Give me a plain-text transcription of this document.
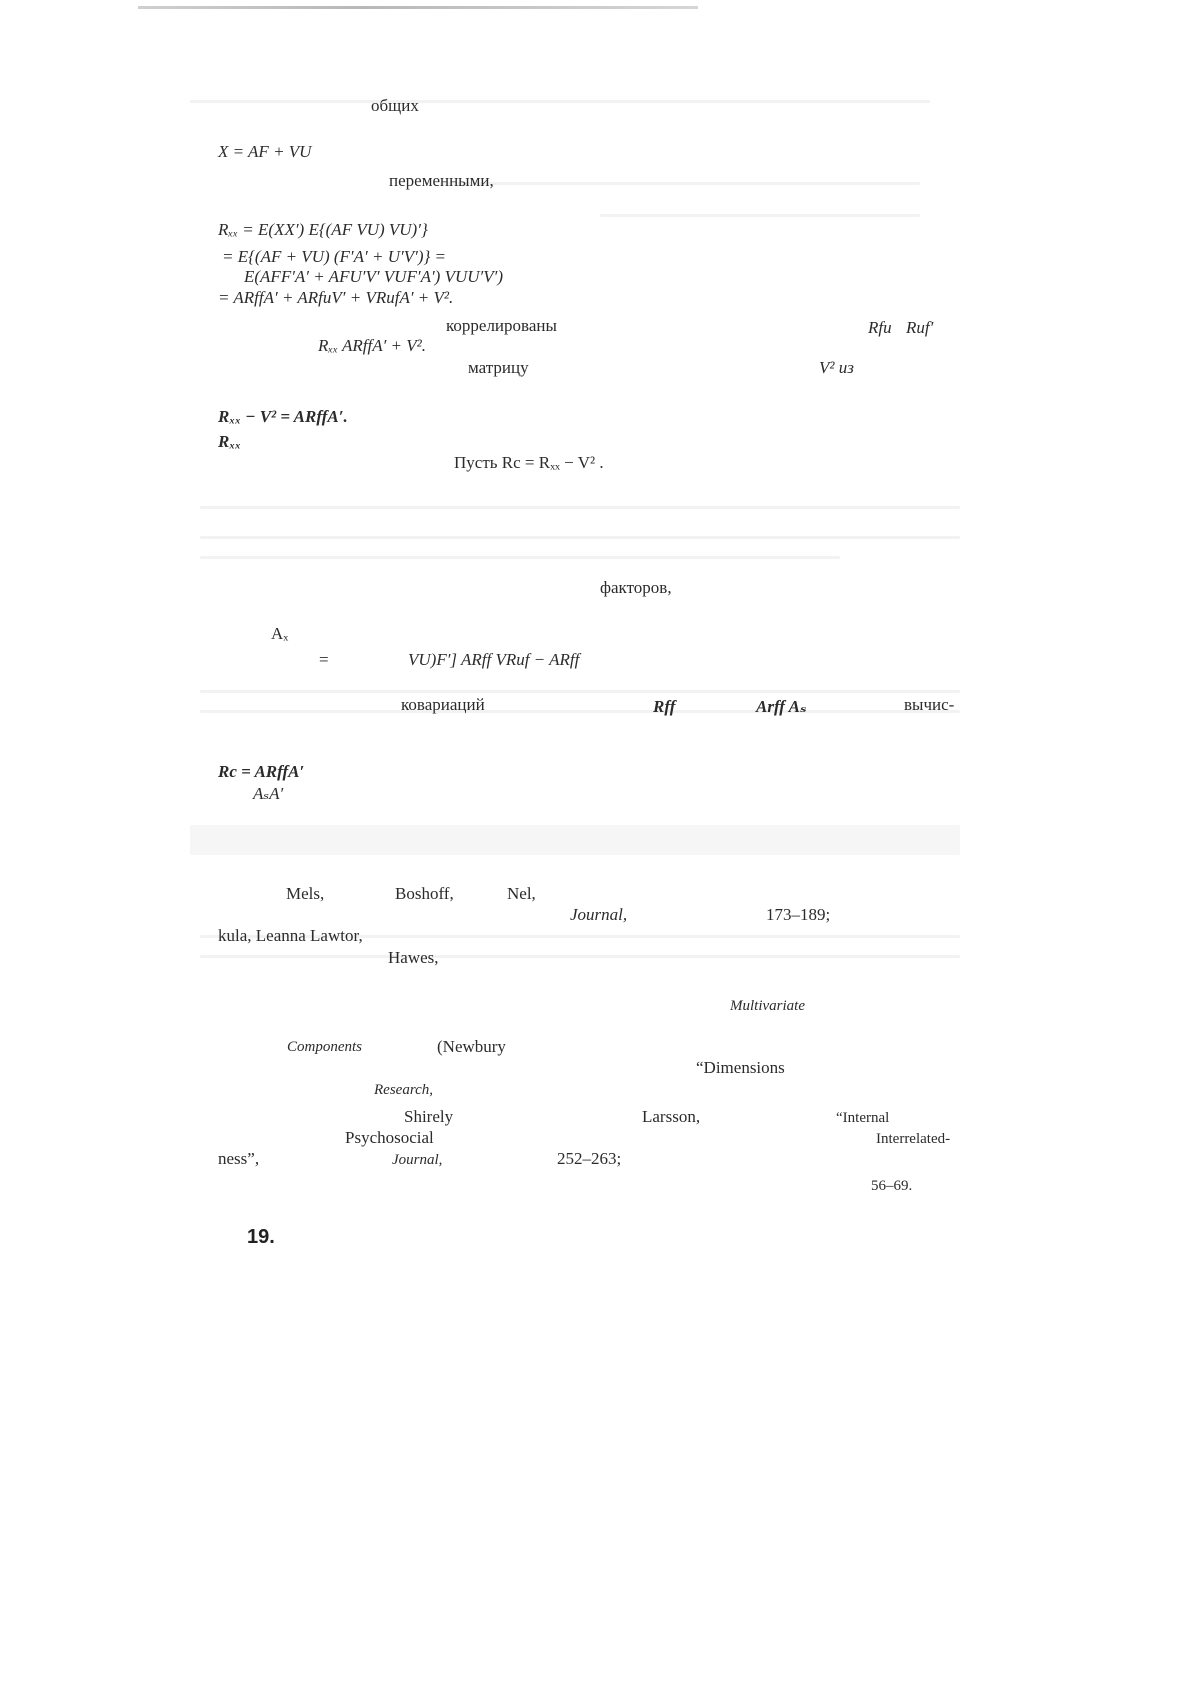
общих
X = AF + VU
переменными,
Rₓₓ = E(XX′) E{(AF VU) VU)′}
= E{(AF + VU) (F′A′ + U′V′)} =
E(AFF′A′ + AFU′V′ VUF′A′) VUU′V′)
= ARffA′ + ARfuV′ + VRufA′ + V².
коррелированы	Rfu Ruf′
Rₓₓ ARffA′ + V².
матрицу	V² из
Rₓₓ − V² = ARffA′.
Rₓₓ
Пусть Rc = Rₓₓ − V² .
факторов,
Aₓ
=	VU)F′] ARff VRuf − ARff
ковариаций	Rff	Arff Aₛ	вычис-
Rc = ARffA′
AₛA′
Mels,	Boshoff,	Nel,
Journal,	173–189;
kula, Leanna Lawtor,
Hawes,
Multivariate
Components	(Newbury
“Dimensions
Research,
Shirely	Larsson,	“Internal
Psychosocial	Interrelated-
ness”,	Journal,	252–263;
56–69.
19.
